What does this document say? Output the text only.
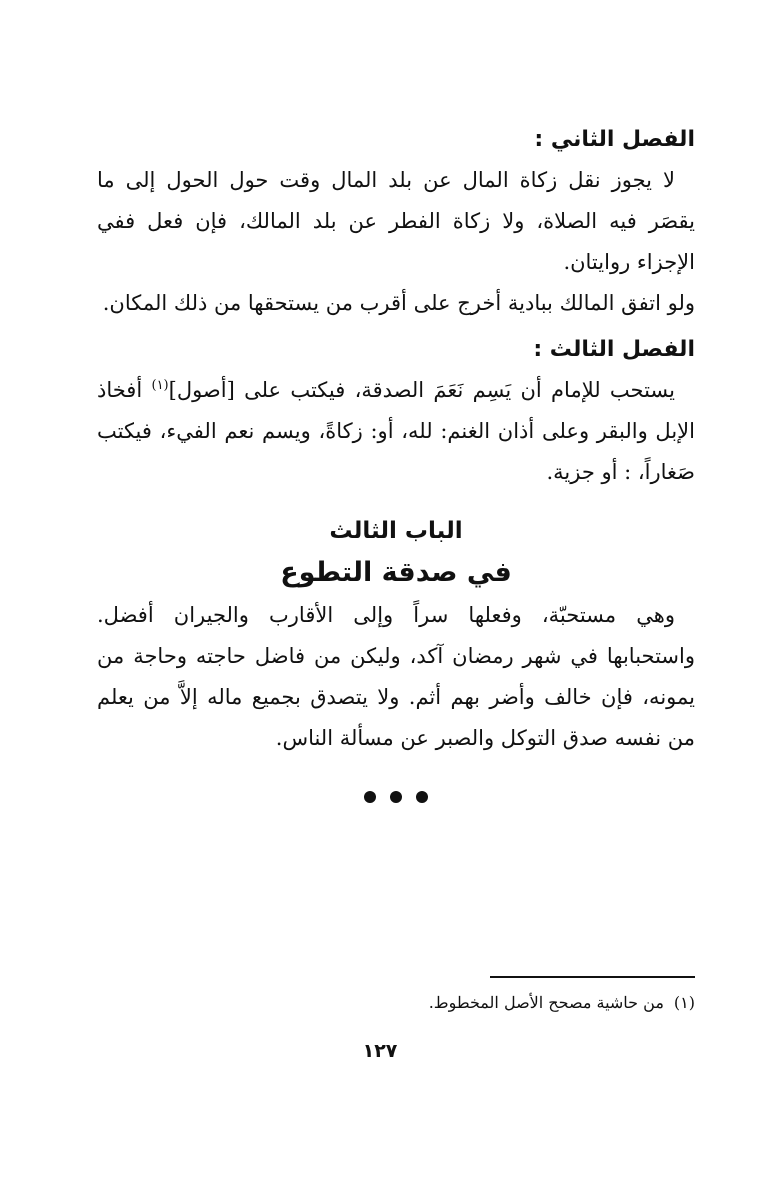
الفصل الثاني :

لا يجوز نقل زكاة المال عن بلد المال وقت حول الحول إلى ما يقصَر فيه الصلاة، ولا زكاة الفطر عن بلد المالك، فإن فعل ففي الإجزاء روايتان.

ولو اتفق المالك ببادية أخرج على أقرب من يستحقها من ذلك المكان.

الفصل الثالث :

يستحب للإمام أن يَسِم نَعَمَ الصدقة، فيكتب على [أصول]$^{(١)}$ أفخاذ الإبل والبقر وعلى أذان الغنم: لله، أو: زكاةً، ويسم نعم الفيء، فيكتب صَغاراً، : أو جزية.

الباب الثالث
في صدقة التطوع

وهي مستحبّة، وفعلها سراً وإلى الأقارب والجيران أفضل. واستحبابها في شهر رمضان آكد، وليكن من فاضل حاجته وحاجة من يمونه، فإن خالف وأضر بهم أثم. ولا يتصدق بجميع ماله إلاَّ من يعلم من نفسه صدق التوكل والصبر عن مسألة الناس.

(١)من حاشية مصحح الأصل المخطوط.
١٢٧
